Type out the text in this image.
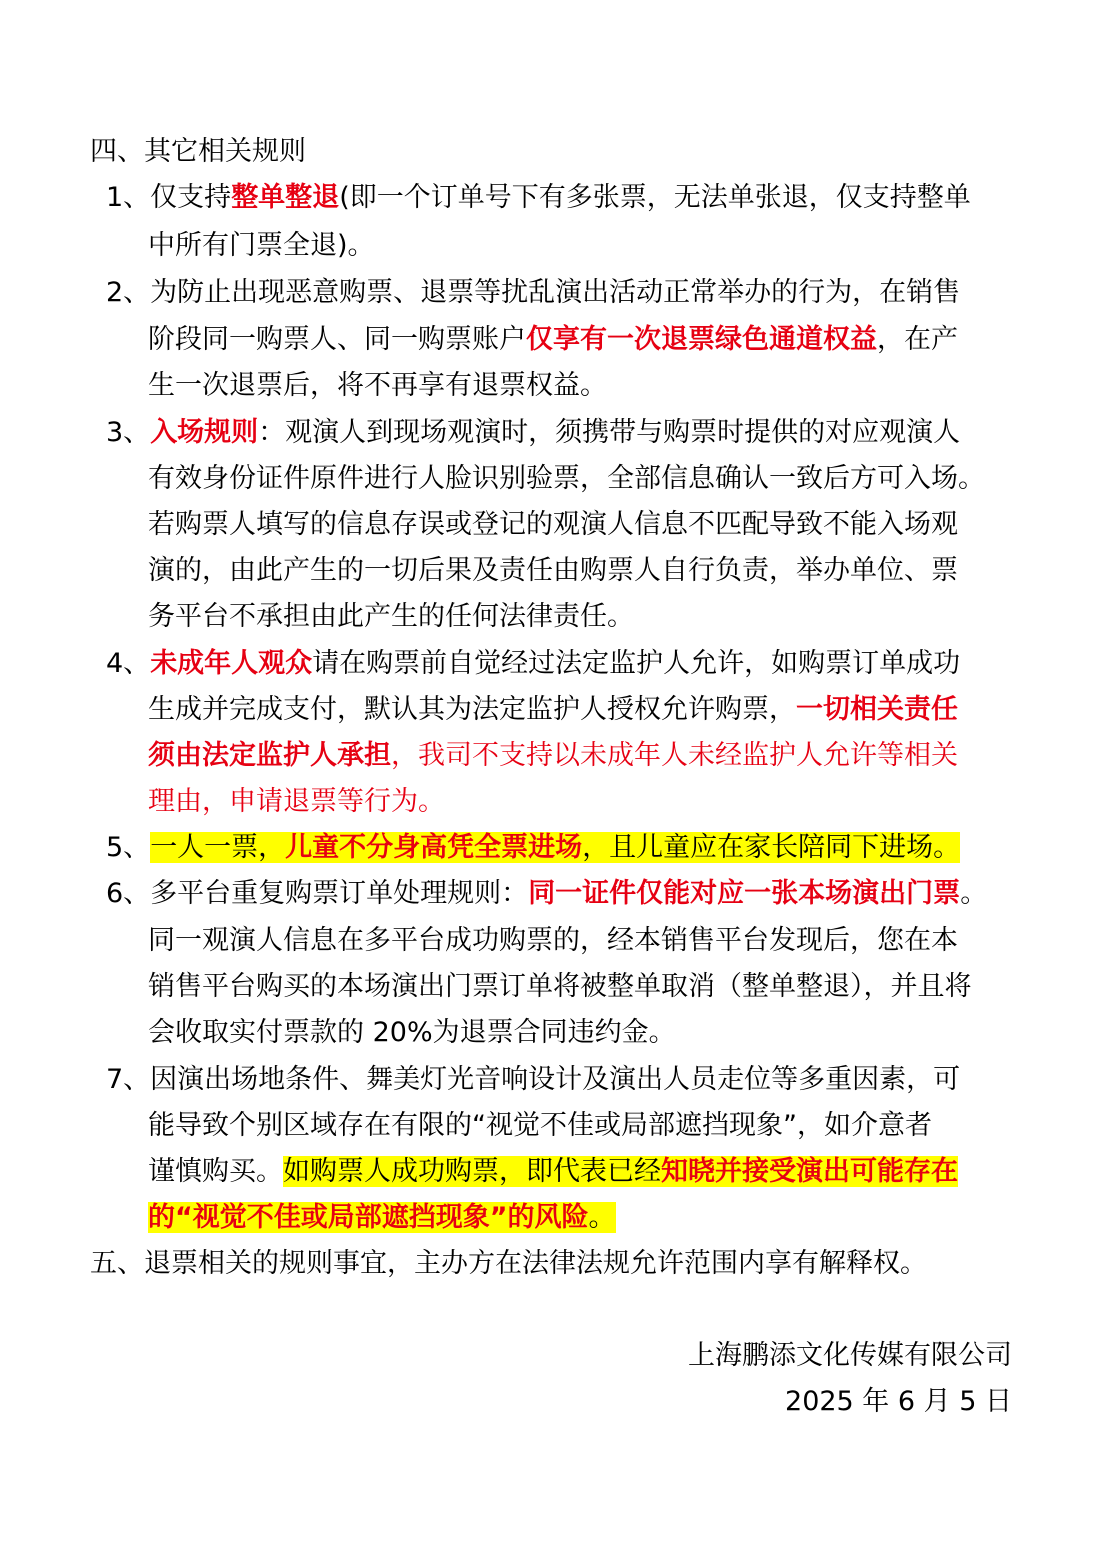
四、其它相关规则

1、仅支持整单整退(即一个订单号下有多张票，无法单张退，仅支持整单

中所有门票全退)。

2、为防止出现恶意购票、退票等扰乱演出活动正常举办的行为，在销售

阶段同一购票人、同一购票账户仅享有一次退票绿色通道权益，在产

生一次退票后，将不再享有退票权益。

3、入场规则：观演人到现场观演时，须携带与购票时提供的对应观演人

有效身份证件原件进行人脸识别验票，全部信息确认一致后方可入场。

若购票人填写的信息存误或登记的观演人信息不匹配导致不能入场观

演的，由此产生的一切后果及责任由购票人自行负责，举办单位、票

务平台不承担由此产生的任何法律责任。

4、未成年人观众请在购票前自觉经过法定监护人允许，如购票订单成功

生成并完成支付，默认其为法定监护人授权允许购票，一切相关责任

须由法定监护人承担，我司不支持以未成年人未经监护人允许等相关

理由，申请退票等行为。

5、一人一票，儿童不分身高凭全票进场，且儿童应在家长陪同下进场。

6、多平台重复购票订单处理规则：同一证件仅能对应一张本场演出门票。

同一观演人信息在多平台成功购票的，经本销售平台发现后，您在本

销售平台购买的本场演出门票订单将被整单取消（整单整退），并且将

会收取实付票款的 20%为退票合同违约金。

7、因演出场地条件、舞美灯光音响设计及演出人员走位等多重因素，可

能导致个别区域存在有限的“视觉不佳或局部遮挡现象”，如介意者

谨慎购买。如购票人成功购票，即代表已经知晓并接受演出可能存在

的“视觉不佳或局部遮挡现象”的风险。

五、退票相关的规则事宜，主办方在法律法规允许范围内享有解释权。

上海鹏添文化传媒有限公司

2025 年 6 月 5 日
